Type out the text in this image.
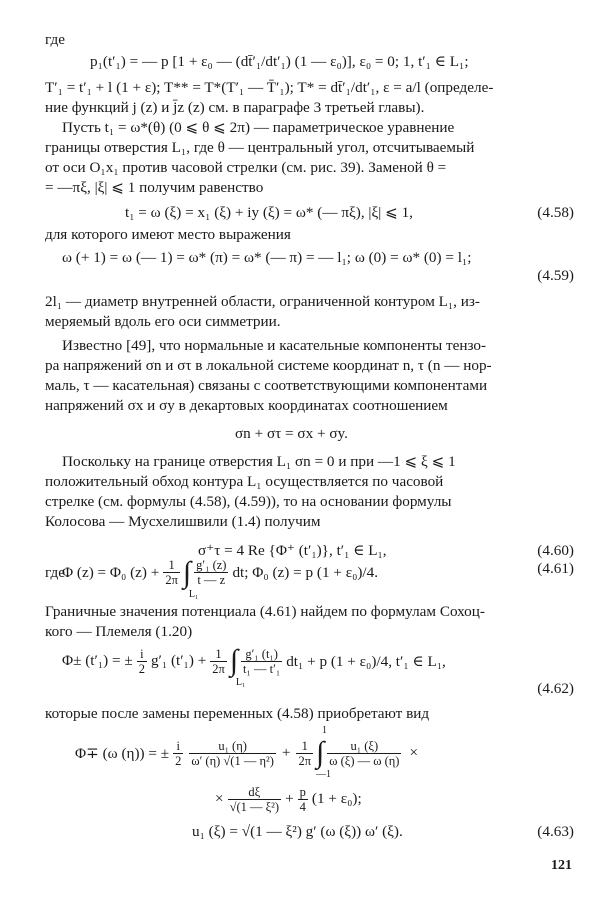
где
p₁(t′₁) = — p [1 + ε₀ — (dt̄′₁/dt′₁) (1 — ε₀)], ε₀ = 0; 1, t′₁ ∈ L₁;
T′₁ = t′₁ + l (1 + ε); T** = T*(T′₁ — T̄′₁); T* = dt̄′₁/dt′₁, ε = a/l (определе-
ние функций j (z) и j̄z (z) см. в параграфе 3 третьей главы).
Пусть t₁ = ω*(θ) (0 ⩽ θ ⩽ 2π) — параметрическое уравнение
границы отверстия L₁, где θ — центральный угол, отсчитываемый
от оси O₁x₁ против часовой стрелки (см. рис. 39). Заменой θ =
= —πξ, |ξ| ⩽ 1 получим равенство
t₁ = ω (ξ) = x₁ (ξ) + iy (ξ) = ω* (— πξ), |ξ| ⩽ 1,	(4.58)
для которого имеют место выражения
ω (+ 1) = ω (— 1) = ω* (π) = ω* (— π) = — l₁; ω (0) = ω* (0) = l₁;
(4.59)
2l₁ — диаметр внутренней области, ограниченной контуром L₁, из-
меряемый вдоль его оси симметрии.
Известно [49], что нормальные и касательные компоненты тензо-
ра напряжений σn и στ в локальной системе координат n, τ (n — нор-
маль, τ — касательная) связаны с соответствующими компонентами
напряжений σx и σy в декартовых координатах соотношением
σn + στ = σx + σy.
Поскольку на границе отверстия L₁ σn = 0 и при —1 ⩽ ξ ⩽ 1
положительный обход контура L₁ осуществляется по часовой
стрелке (см. формулы (4.58), (4.59)), то на основании формулы
Колосова — Мусхелишвили (1.4) получим
σ⁺τ = 4 Re {Φ⁺ (t′₁)}, t′₁ ∈ L₁,	(4.60)
где
Φ (z) = Φ₀ $(z) + \frac{1}{2\pi}$ ∫
L₁
$\frac{\text{g′₁ (z)}}{t — z}$ dt; Φ₀ (z) = p (1 + ε₀)/4.	(4.61)
Граничные значения потенциала (4.61) найдем по формулам Сохоц-
кого — Племеля (1.20)
Φ± (t′₁) = ± $\frac{i}{2} g'_1$ $(t'_1) + \frac{1}{2\pi}$ ∫
L₁
$\frac{\text{g′₁ (t₁)}}{\text{t₁ — t′₁}} dt_1 + p$ (1 + ε₀)/4, t′₁ ∈ L₁,
(4.62)
которые после замены переменных (4.58) приобретают вид
Φ∓ (ω (η)) = ± $\frac{i}{2} \frac{\text{u₁ (η)}}{\text{ω′ (η) √(1 — η²)}} + \frac{1}{2\pi}$
1
∫
—1
$\frac{\text{u₁ (ξ)}}{\omega (\xi) — \omega (\eta)}$ ×
× $\frac{d\xi}{\text{√(1 — ξ²)}} + \frac{p}{4} (1 + \varepsilon_0)$;
u₁ (ξ) = √(1 — ξ²) g′ (ω (ξ)) ω′ (ξ).	(4.63)
121
